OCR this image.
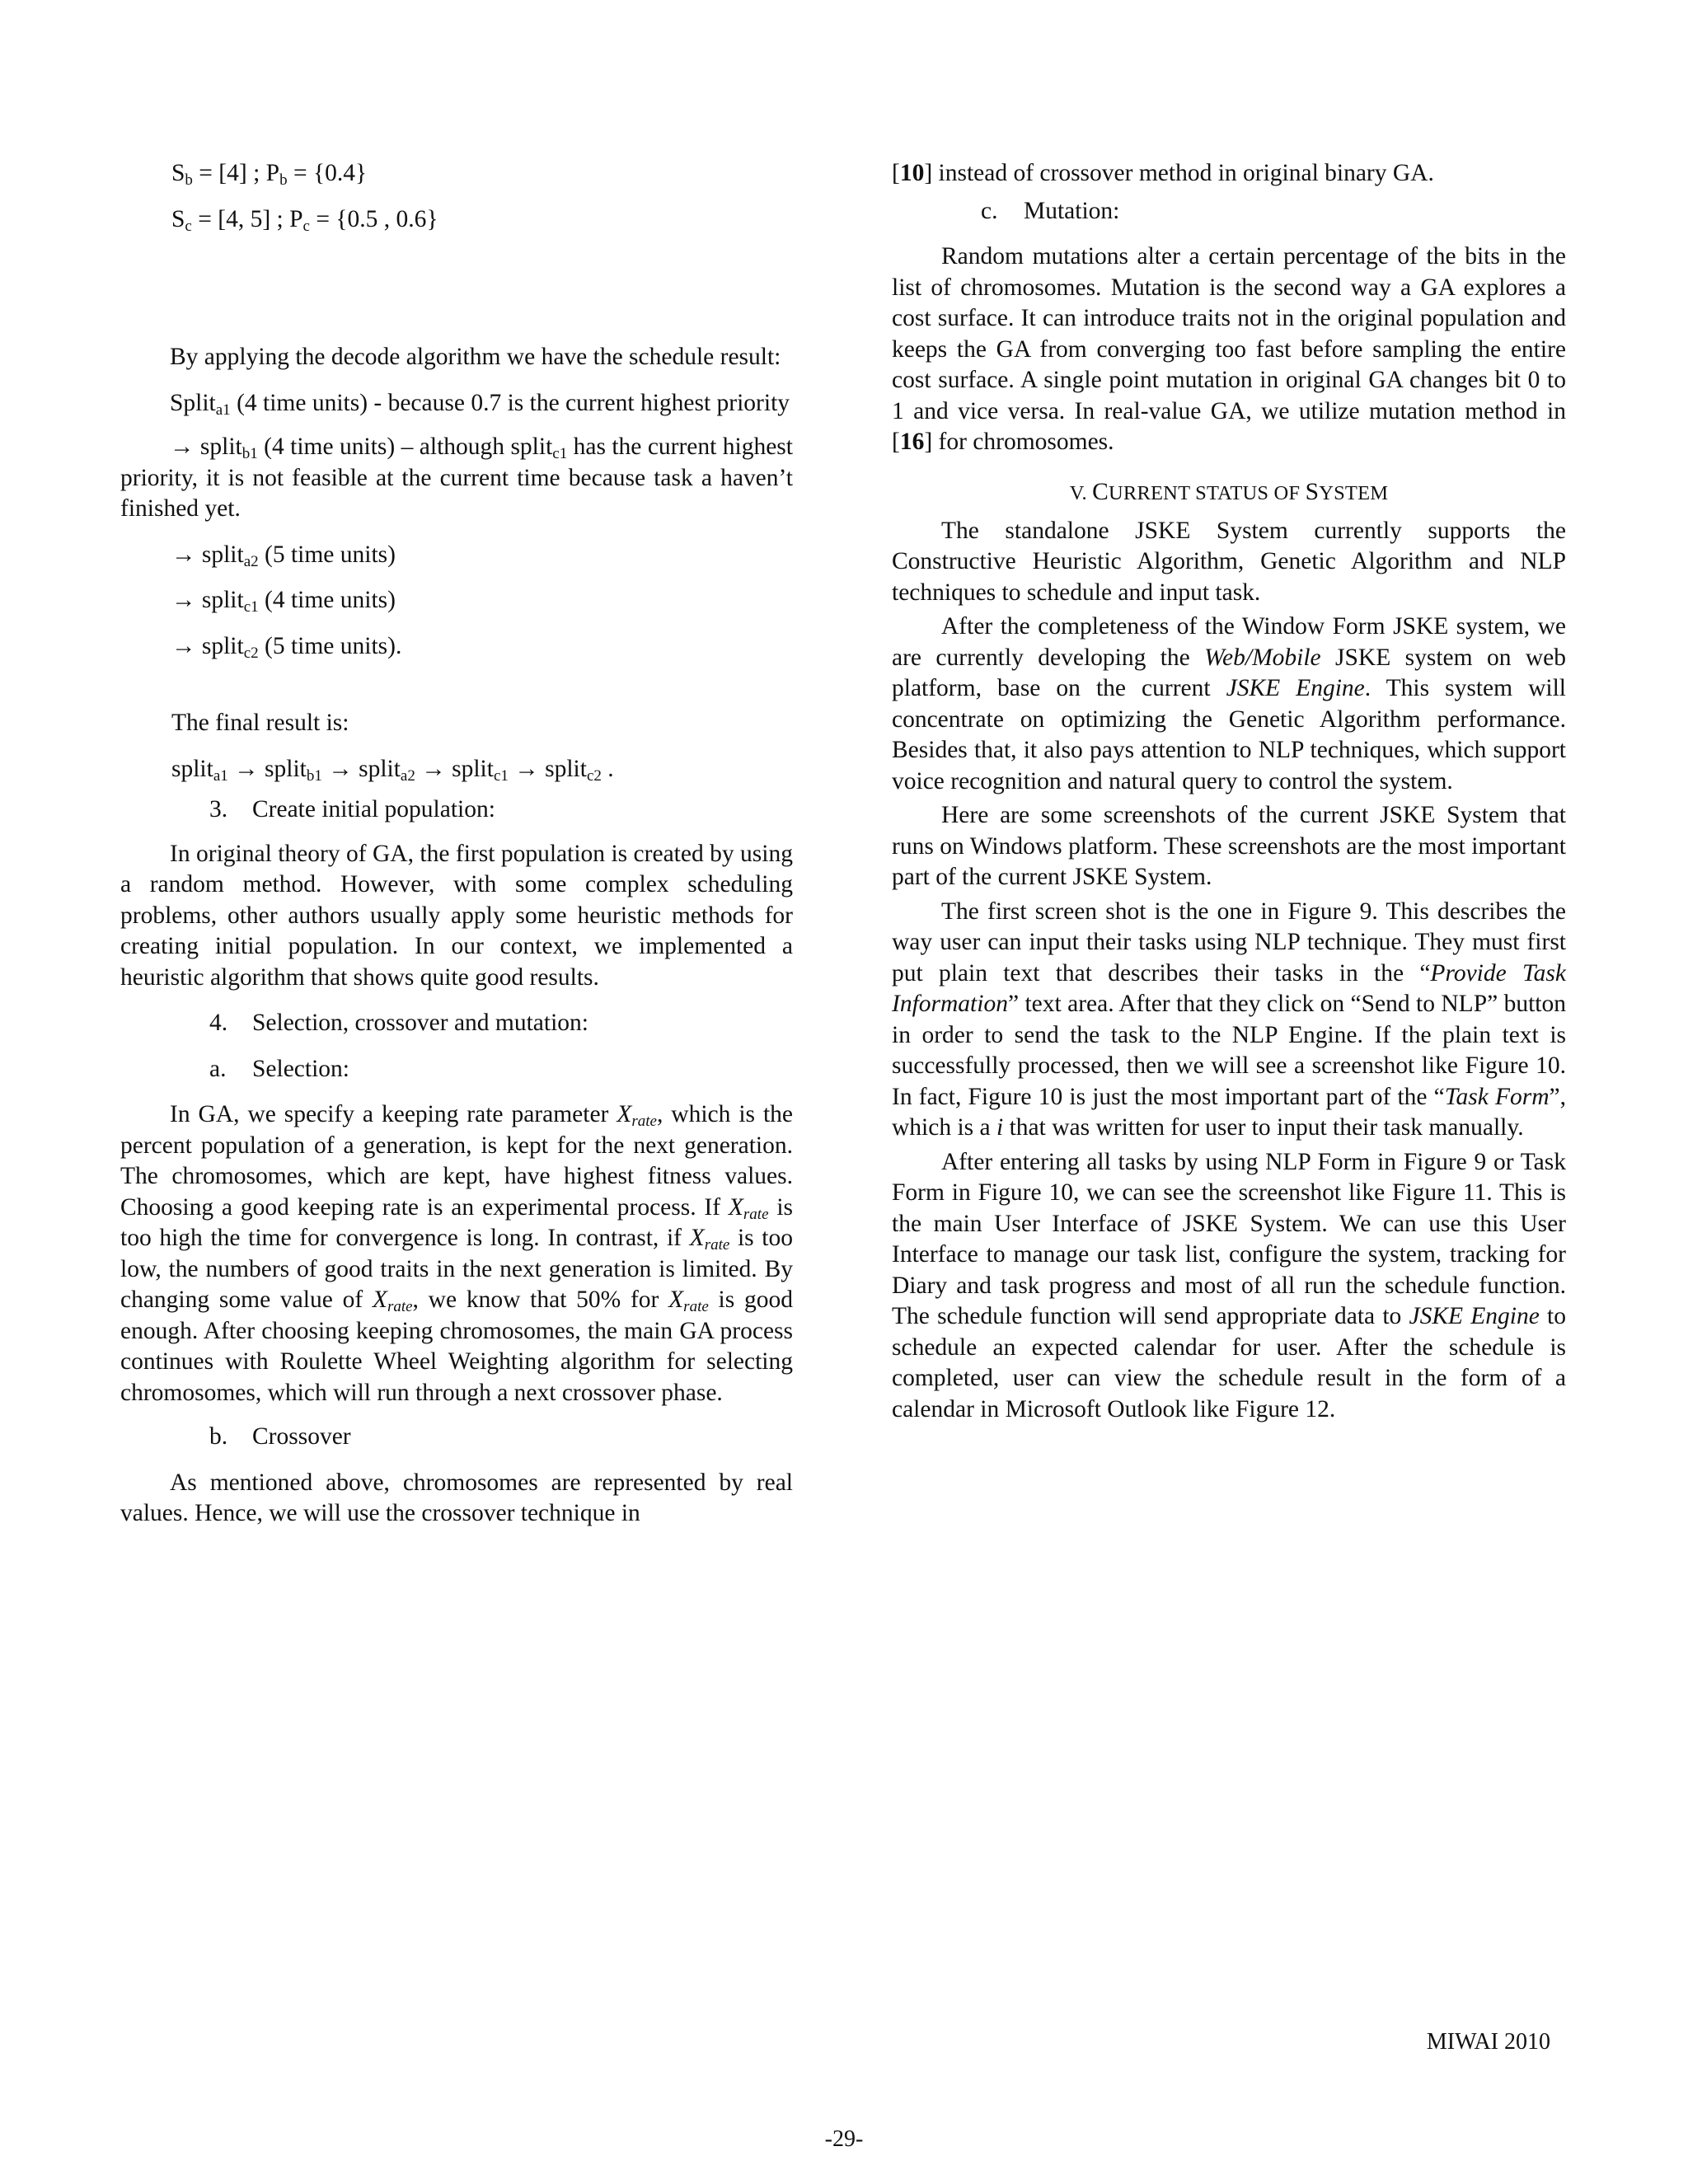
$S_b = [4]$ ; $P_b = \{0.4\}$

$S_c = [4$, 5] ; $P_c = \{0.5$ , 0.6}

By applying the decode algorithm we have the schedule result:

Split$_{a1}$ (4 time units) - because 0.7 is the current highest priority

→ split$_{b1}$ (4 time units) – although split$_{c1}$ has the current highest priority, it is not feasible at the current time because task a haven’t finished yet.

→ split$_{a2}$ (5 time units)

→ split$_{c1}$ (4 time units)

→ split$_{c2}$ (5 time units).

The final result is:

split$_{a1}$ → split$_{b1}$ → split$_{a2}$ → split$_{c1}$ → split$_{c2}$ .

3.	Create initial population:

In original theory of GA, the first population is created by using a random method. However, with some complex scheduling problems, other authors usually apply some heuristic methods for creating initial population. In our context, we implemented a heuristic algorithm that shows quite good results.

4.	Selection, crossover and mutation:

a.	Selection:

In GA, we specify a keeping rate parameter $X_{rate}$, which is the percent population of a generation, is kept for the next generation. The chromosomes, which are kept, have highest fitness values. Choosing a good keeping rate is an experimental process. If $X_{rate}$ is too high the time for convergence is long. In contrast, if $X_{rate}$ is too low, the numbers of good traits in the next generation is limited. By changing some value of $X_{rate}$, we know that 50% for $X_{rate}$ is good enough. After choosing keeping chromosomes, the main GA process continues with Roulette Wheel Weighting algorithm for selecting chromosomes, which will run through a next crossover phase.

b.	Crossover

As mentioned above, chromosomes are represented by real values. Hence, we will use the crossover technique in

[10] instead of crossover method in original binary GA.

c.	Mutation:

Random mutations alter a certain percentage of the bits in the list of chromosomes. Mutation is the second way a GA explores a cost surface. It can introduce traits not in the original population and keeps the GA from converging too fast before sampling the entire cost surface. A single point mutation in original GA changes bit 0 to 1 and vice versa. In real-value GA, we utilize mutation method in [16] for chromosomes.

V. CURRENT STATUS OF SYSTEM

The standalone JSKE System currently supports the Constructive Heuristic Algorithm, Genetic Algorithm and NLP techniques to schedule and input task.

After the completeness of the Window Form JSKE system, we are currently developing the Web/Mobile JSKE system on web platform, base on the current JSKE Engine. This system will concentrate on optimizing the Genetic Algorithm performance. Besides that, it also pays attention to NLP techniques, which support voice recognition and natural query to control the system.

Here are some screenshots of the current JSKE System that runs on Windows platform. These screenshots are the most important part of the current JSKE System.

The first screen shot is the one in Figure 9. This describes the way user can input their tasks using NLP technique. They must first put plain text that describes their tasks in the “Provide Task Information” text area. After that they click on “Send to NLP” button in order to send the task to the NLP Engine. If the plain text is successfully processed, then we will see a screenshot like Figure 10. In fact, Figure 10 is just the most important part of the “Task Form”, which is a i that was written for user to input their task manually.

After entering all tasks by using NLP Form in Figure 9 or Task Form in Figure 10, we can see the screenshot like Figure 11. This is the main User Interface of JSKE System. We can use this User Interface to manage our task list, configure the system, tracking for Diary and task progress and most of all run the schedule function. The schedule function will send appropriate data to JSKE Engine to schedule an expected calendar for user. After the schedule is completed, user can view the schedule result in the form of a calendar in Microsoft Outlook like Figure 12.

MIWAI 2010
-29-
